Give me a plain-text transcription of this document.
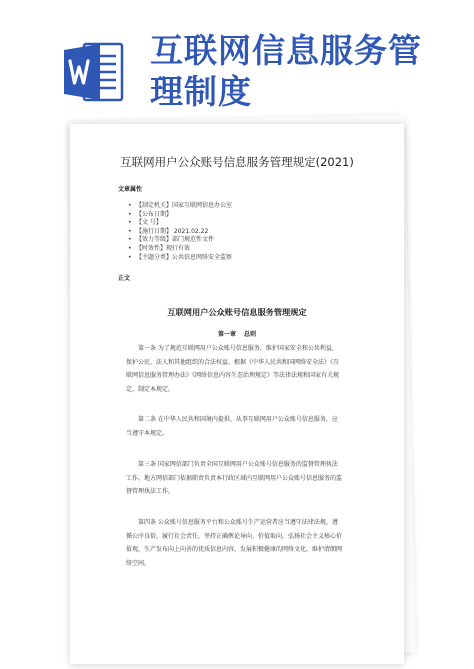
互联网信息服务管
理制度
互联网用户公众账号信息服务管理规定(2021)
文章属性
• 【制定机关】国家互联网信息办公室
• 【公布日期】
• 【文 号】
• 【施行日期】 2021.02.22
• 【效力等级】部门规范性文件
• 【时效性】现行有效
• 【主题分类】公共信息网络安全监察
正文
互联网用户公众账号信息服务管理规定
第一章 总则
第一条 为了规范互联网用户公众账号信息服务，维护国家安全和公共利益，
保护公民、法人和其他组织的合法权益，根据《中华人民共和国网络安全法》《互
联网信息服务管理办法》《网络信息内容生态治理规定》等法律法规和国家有关规
定，制定本规定。
第二条 在中华人民共和国境内提供、从事互联网用户公众账号信息服务，应
当遵守本规定。
第三条 国家网信部门负责全国互联网用户公众账号信息服务的监督管理执法
工作。地方网信部门依据职责负责本行政区域内互联网用户公众账号信息服务的监
督管理执法工作。
第四条 公众账号信息服务平台和公众账号生产运营者应当遵守法律法规，遵
循公序良俗，履行社会责任，坚持正确舆论导向、价值取向，弘扬社会主义核心价
值观，生产发布向上向善的优质信息内容，发展积极健康的网络文化，维护清朗网
络空间。
